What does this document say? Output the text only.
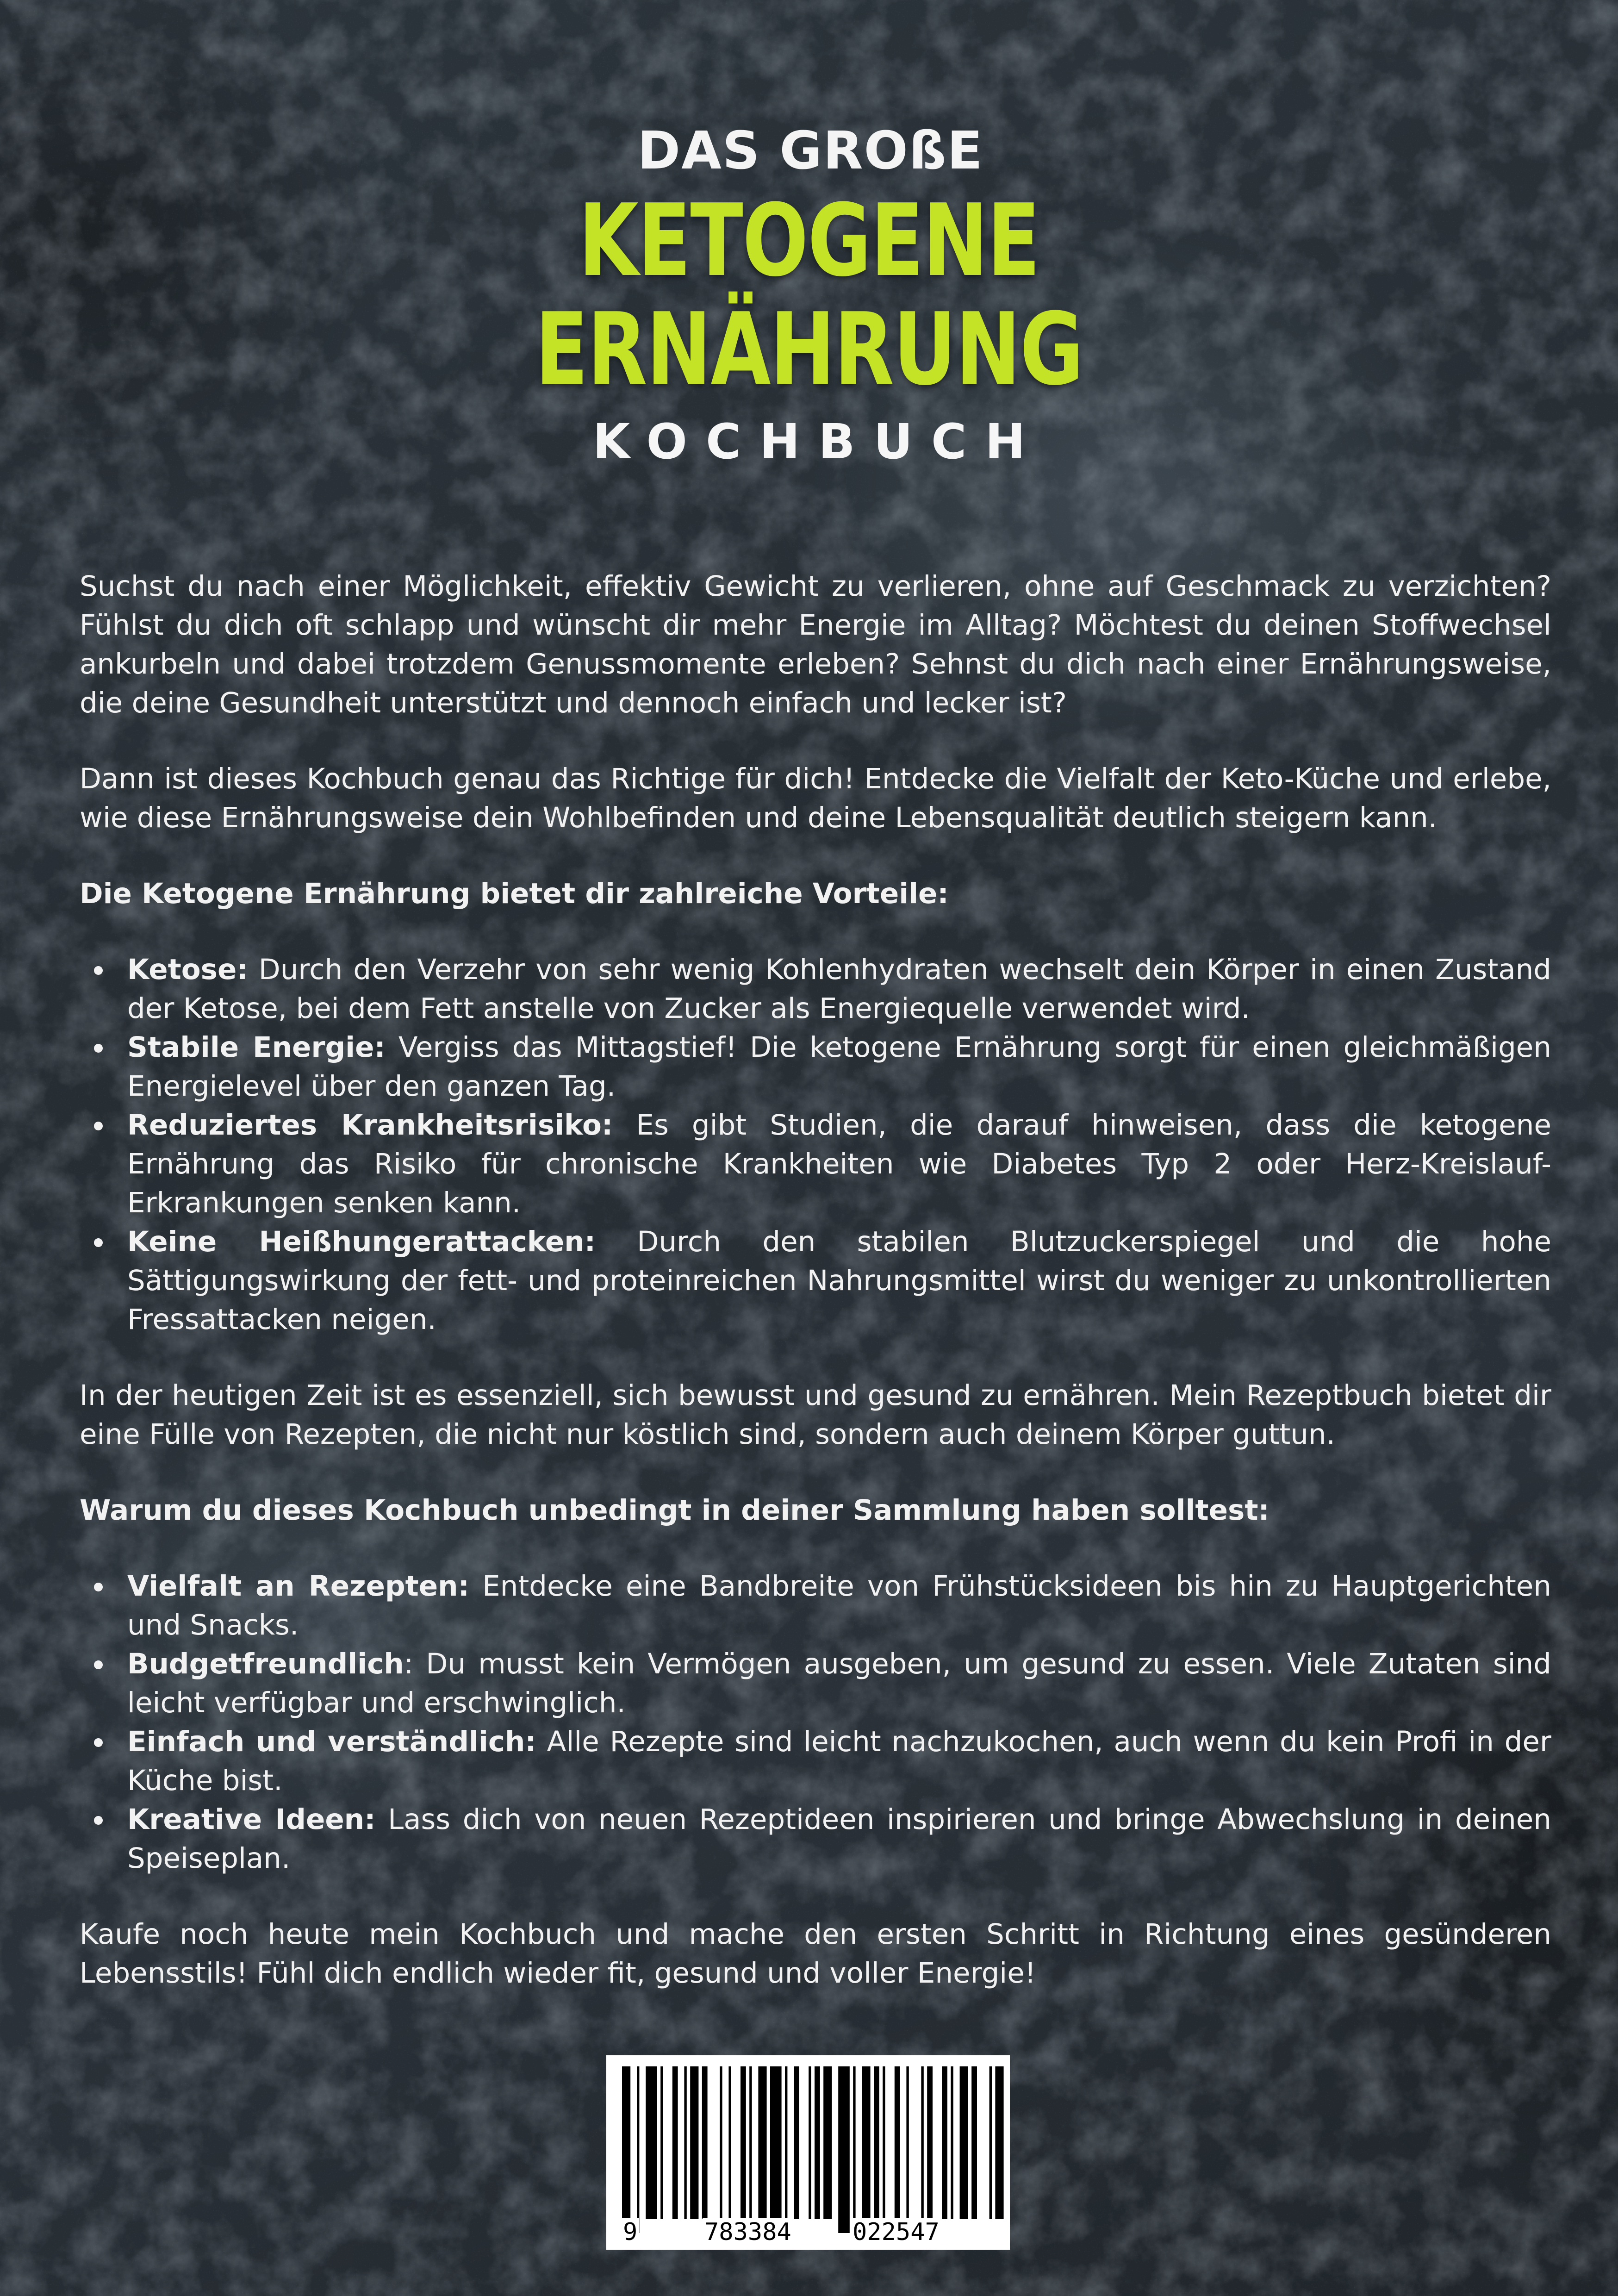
DAS GROßE
KETOGENE
ERNÄHRUNG
KOCHBUCH

Suchst du nach einer Möglichkeit, effektiv Gewicht zu verlieren, ohne auf Geschmack zu verzichten? Fühlst du dich oft schlapp und wünscht dir mehr Energie im Alltag? Möchtest du deinen Stoffwechsel ankurbeln und dabei trotzdem Genussmomente erleben? Sehnst du dich nach einer Ernährungsweise, die deine Gesundheit unterstützt und dennoch einfach und lecker ist?

Dann ist dieses Kochbuch genau das Richtige für dich! Entdecke die Vielfalt der Keto-Küche und erlebe, wie diese Ernährungsweise dein Wohlbefinden und deine Lebensqualität deutlich steigern kann.

Die Ketogene Ernährung bietet dir zahlreiche Vorteile:

Ketose: Durch den Verzehr von sehr wenig Kohlenhydraten wechselt dein Körper in einen Zustand der Ketose, bei dem Fett anstelle von Zucker als Energiequelle verwendet wird.
Stabile Energie: Vergiss das Mittagstief! Die ketogene Ernährung sorgt für einen gleichmäßigen Energielevel über den ganzen Tag.
Reduziertes Krankheitsrisiko: Es gibt Studien, die darauf hinweisen, dass die ketogene Ernährung das Risiko für chronische Krankheiten wie Diabetes Typ 2 oder Herz-Kreislauf-Erkrankungen senken kann.
Keine Heißhungerattacken: Durch den stabilen Blutzuckerspiegel und die hohe Sättigungswirkung der fett- und proteinreichen Nahrungsmittel wirst du weniger zu unkontrollierten Fressattacken neigen.

In der heutigen Zeit ist es essenziell, sich bewusst und gesund zu ernähren. Mein Rezeptbuch bietet dir eine Fülle von Rezepten, die nicht nur köstlich sind, sondern auch deinem Körper guttun.

Warum du dieses Kochbuch unbedingt in deiner Sammlung haben solltest:

Vielfalt an Rezepten: Entdecke eine Bandbreite von Frühstücksideen bis hin zu Hauptgerichten und Snacks.
Budgetfreundlich: Du musst kein Vermögen ausgeben, um gesund zu essen. Viele Zutaten sind leicht verfügbar und erschwinglich.
Einfach und verständlich: Alle Rezepte sind leicht nachzukochen, auch wenn du kein Profi in der Küche bist.
Kreative Ideen: Lass dich von neuen Rezeptideen inspirieren und bringe Abwechslung in deinen Speiseplan.

Kaufe noch heute mein Kochbuch und mache den ersten Schritt in Richtung eines gesünderen Lebensstils! Fühl dich endlich wieder fit, gesund und voller Energie!

9	783384	022547
